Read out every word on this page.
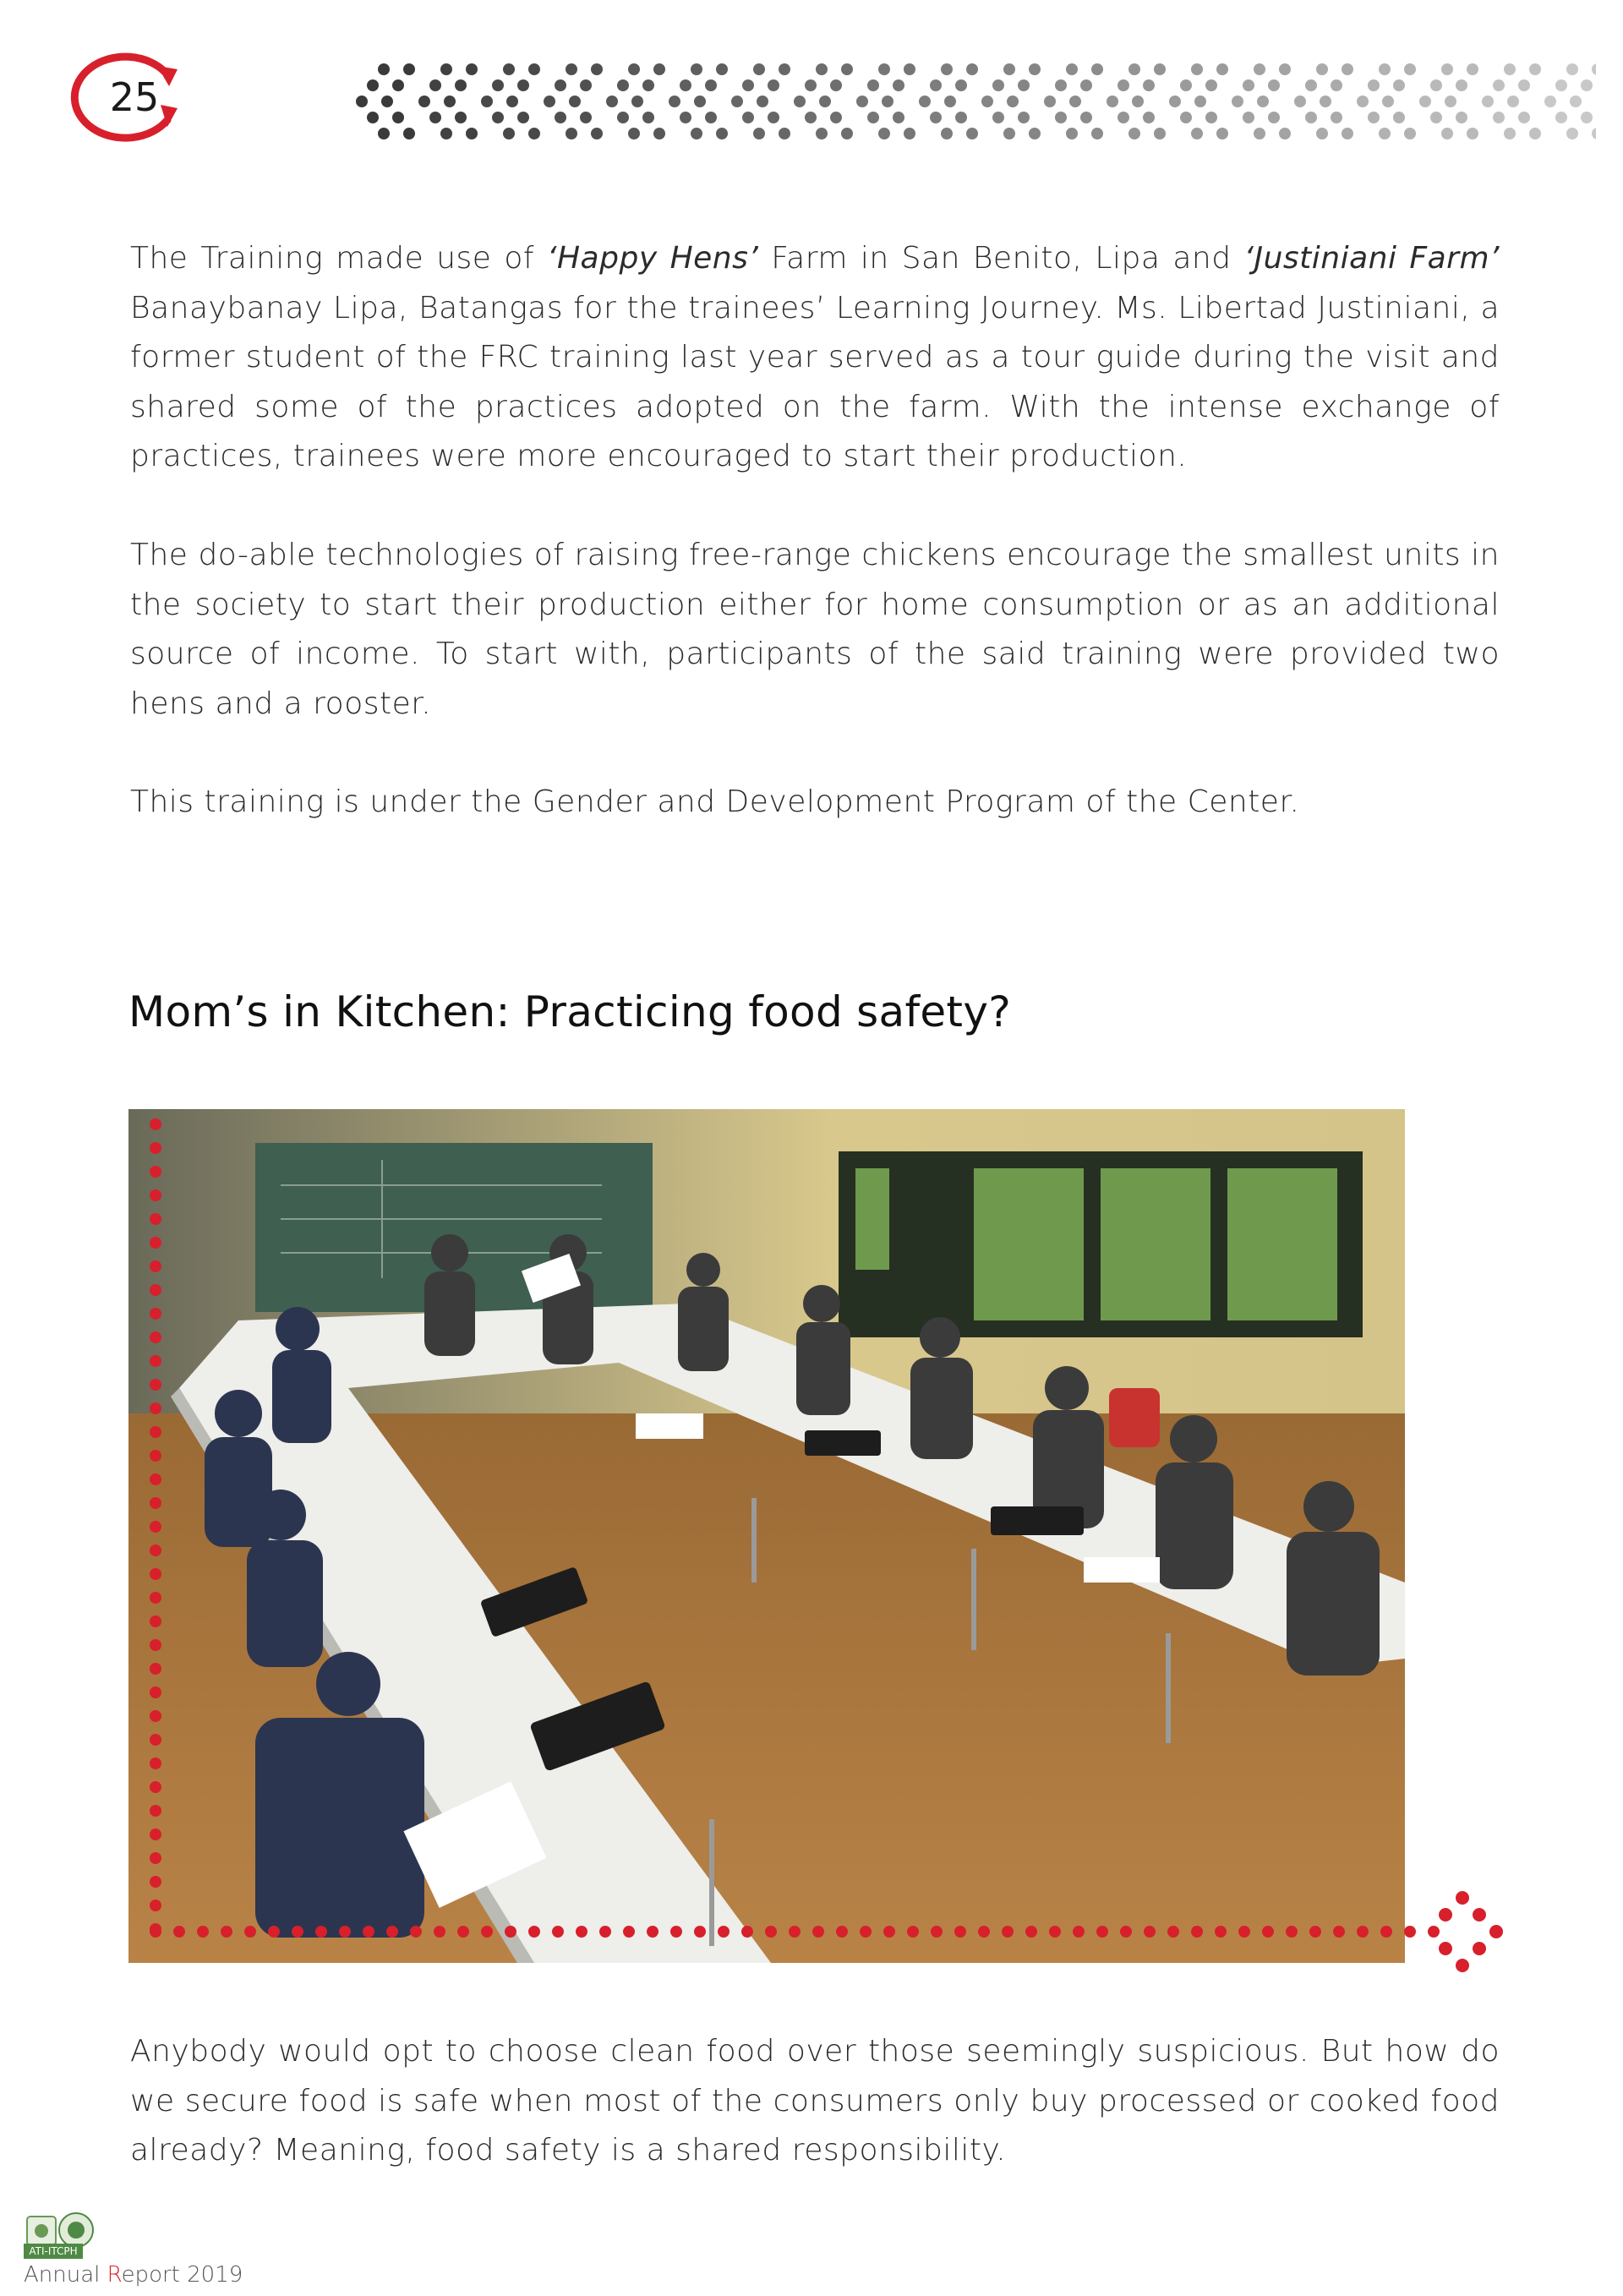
25

The Training made use of ‘Happy Hens’ Farm in San Benito, Lipa and ‘Justiniani Farm’ Banaybanay Lipa, Batangas for the trainees’ Learning Journey. Ms. Libertad Justiniani, a former student of the FRC training last year served as a tour guide during the visit and shared some of the practices adopted on the farm. With the intense exchange of practices, trainees were more encouraged to start their production.

The do-able technologies of raising free-range chickens encourage the smallest units in the society to start their production either for home consumption or as an additional source of income. To start with, participants of the said training were provided two hens and a rooster.

This training is under the Gender and Development Program of the Center.

Mom’s in Kitchen: Practicing food safety?

Anybody would opt to choose clean food over those seemingly suspicious. But how do we secure food is safe when most of the consumers only buy processed or cooked food already? Meaning, food safety is a shared responsibility.

ATI-ITCPH
Annual Report 2019
